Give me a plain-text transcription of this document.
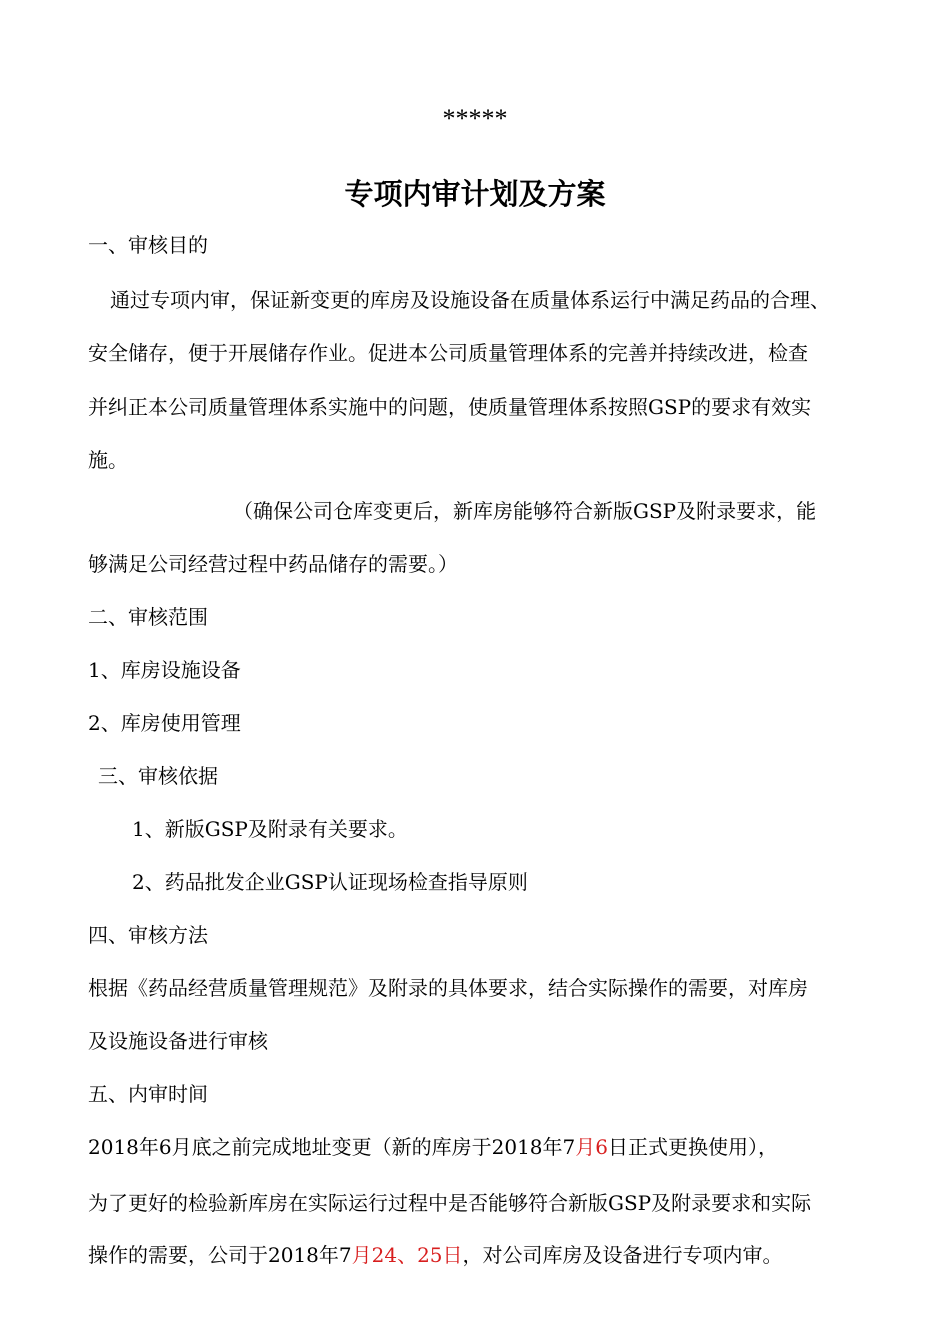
*****
专项内审计划及方案
一、审核目的
通过专项内审，保证新变更的库房及设施设备在质量体系运行中满足药品的合理、
安全储存，便于开展储存作业。促进本公司质量管理体系的完善并持续改进，检查
并纠正本公司质量管理体系实施中的问题，使质量管理体系按照GSP的要求有效实
施。
（确保公司仓库变更后，新库房能够符合新版GSP及附录要求，能
够满足公司经营过程中药品储存的需要。）
二、审核范围
1、库房设施设备
2、库房使用管理
三、审核依据
1、新版GSP及附录有关要求。
2、药品批发企业GSP认证现场检查指导原则
四、审核方法
根据《药品经营质量管理规范》及附录的具体要求，结合实际操作的需要，对库房
及设施设备进行审核
五、内审时间
2018年6月底之前完成地址变更（新的库房于2018年7月6日正式更换使用），
为了更好的检验新库房在实际运行过程中是否能够符合新版GSP及附录要求和实际
操作的需要，公司于2018年7月24、25日，对公司库房及设备进行专项内审。
